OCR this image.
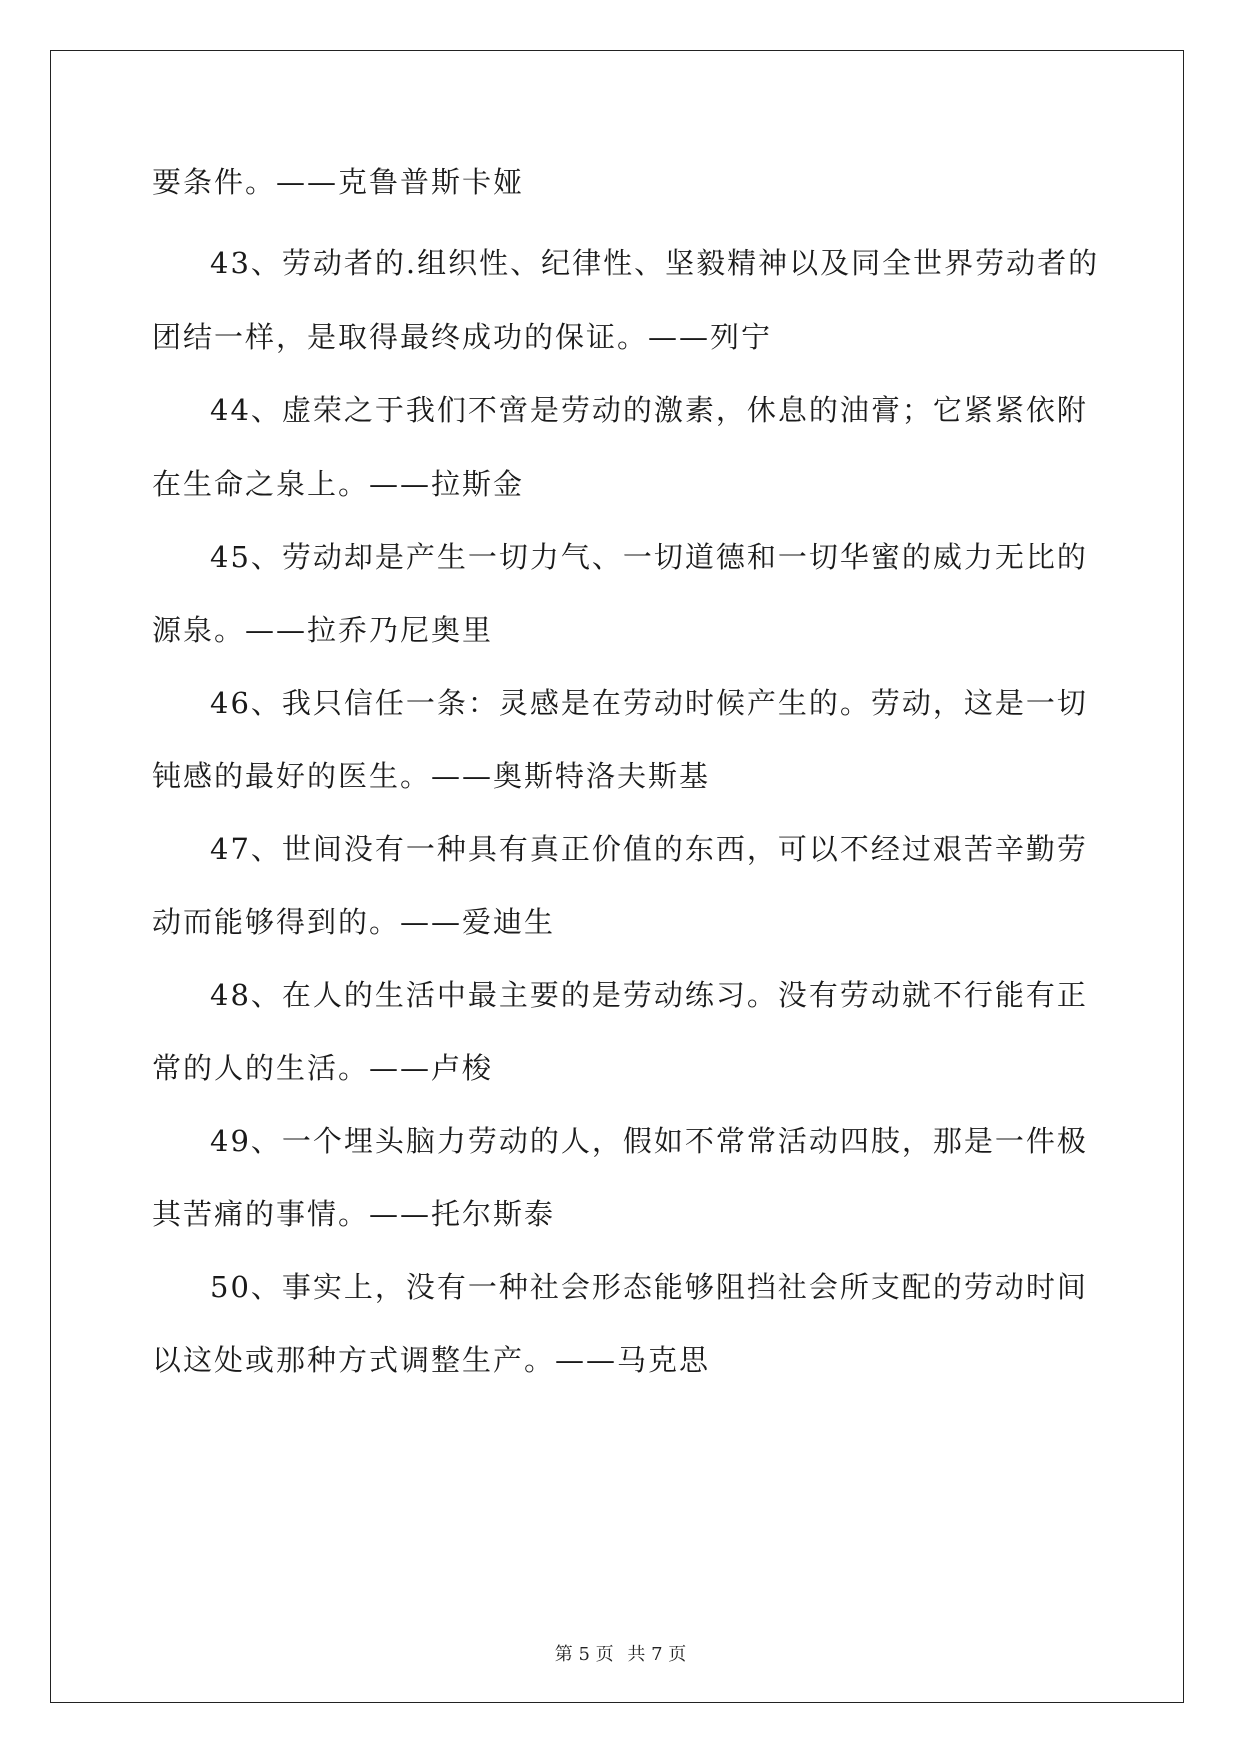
要条件。——克鲁普斯卡娅
43、劳动者的.组织性、纪律性、坚毅精神以及同全世界劳动者的
团结一样，是取得最终成功的保证。——列宁
44、虚荣之于我们不啻是劳动的激素，休息的油膏；它紧紧依附
在生命之泉上。——拉斯金
45、劳动却是产生一切力气、一切道德和一切华蜜的威力无比的
源泉。——拉乔乃尼奥里
46、我只信任一条：灵感是在劳动时候产生的。劳动，这是一切
钝感的最好的医生。——奥斯特洛夫斯基
47、世间没有一种具有真正价值的东西，可以不经过艰苦辛勤劳
动而能够得到的。——爱迪生
48、在人的生活中最主要的是劳动练习。没有劳动就不行能有正
常的人的生活。——卢梭
49、一个埋头脑力劳动的人，假如不常常活动四肢，那是一件极
其苦痛的事情。——托尔斯泰
50、事实上，没有一种社会形态能够阻挡社会所支配的劳动时间
以这处或那种方式调整生产。——马克思
第 5 页 共 7 页
